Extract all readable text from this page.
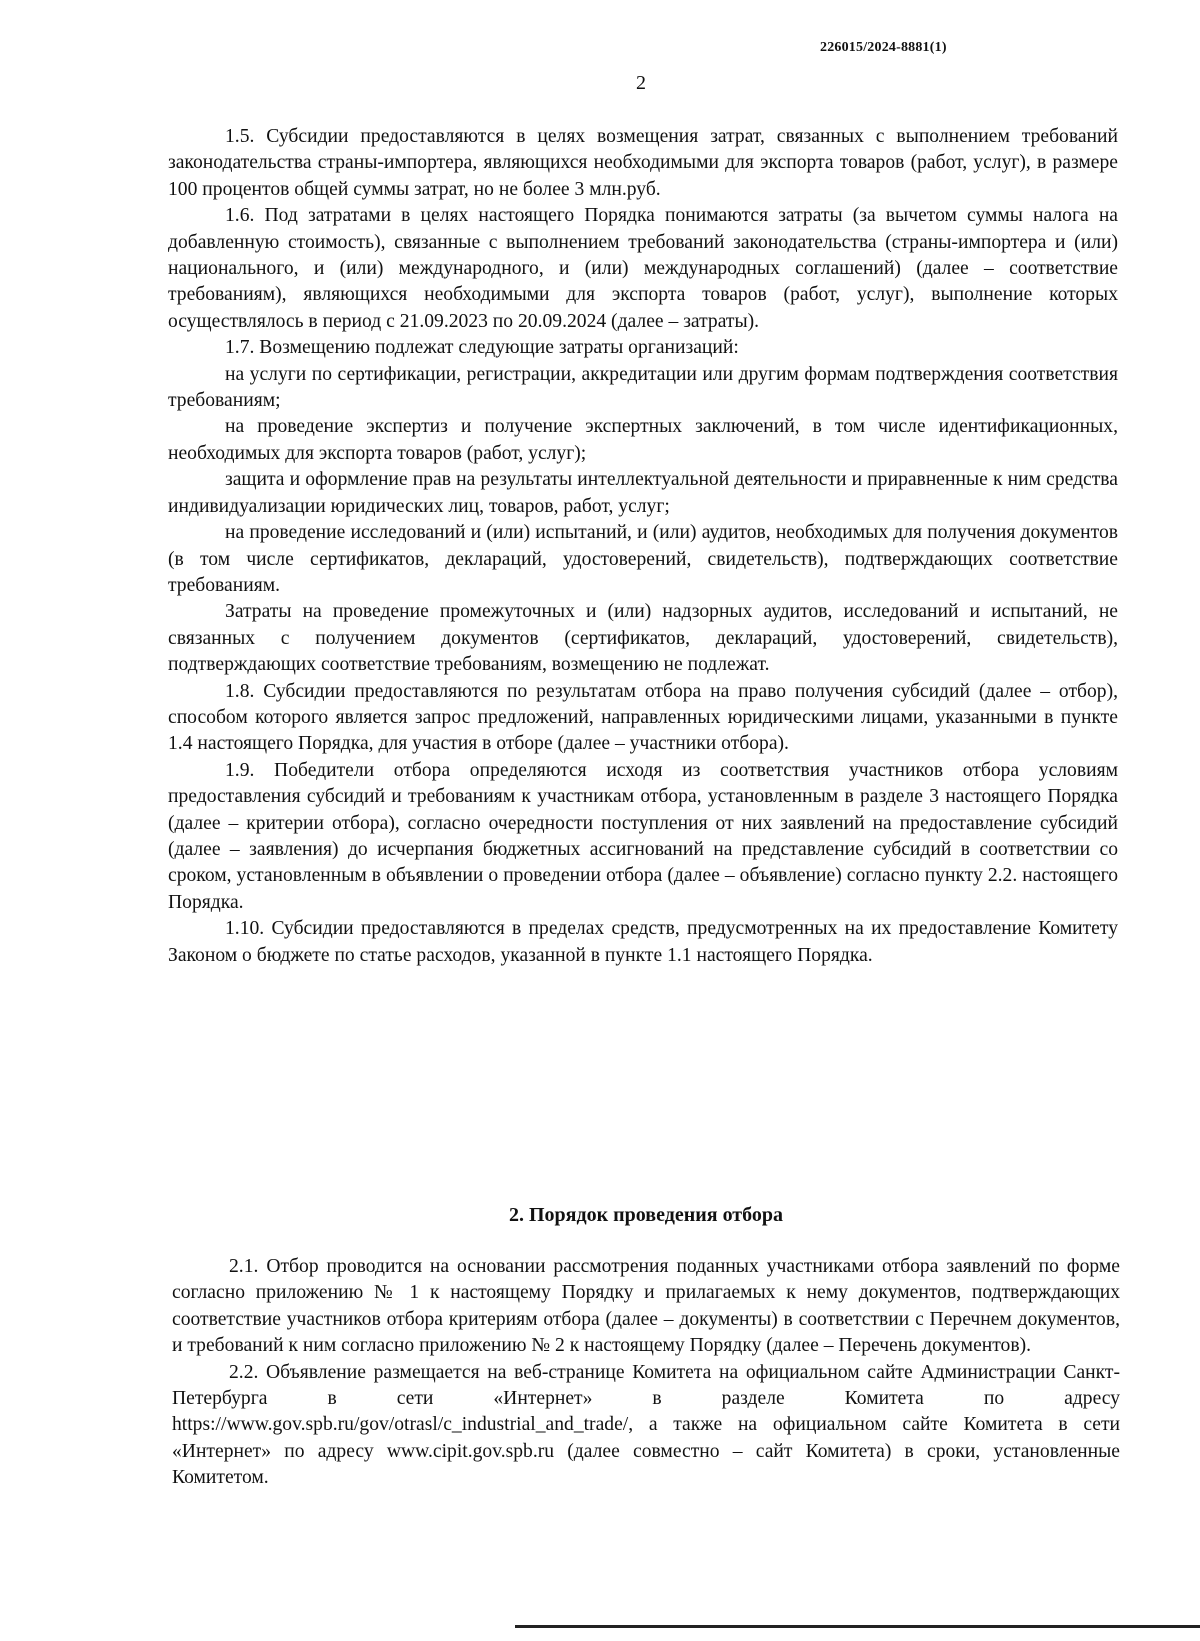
226015/2024-8881(1)
2

1.5. Субсидии предоставляются в целях возмещения затрат, связанных с выполнением требований законодательства страны-импортера, являющихся необходимыми для экспорта товаров (работ, услуг), в размере 100 процентов общей суммы затрат, но не более 3 млн.руб.

1.6. Под затратами в целях настоящего Порядка понимаются затраты (за вычетом суммы налога на добавленную стоимость), связанные с выполнением требований законодательства (страны-импортера и (или) национального, и (или) международного, и (или) международных соглашений) (далее – соответствие требованиям), являющихся необходимыми для экспорта товаров (работ, услуг), выполнение которых осуществлялось в период с 21.09.2023 по 20.09.2024 (далее – затраты).

1.7. Возмещению подлежат следующие затраты организаций:

на услуги по сертификации, регистрации, аккредитации или другим формам подтверждения соответствия требованиям;

на проведение экспертиз и получение экспертных заключений, в том числе идентификационных, необходимых для экспорта товаров (работ, услуг);

защита и оформление прав на результаты интеллектуальной деятельности и приравненные к ним средства индивидуализации юридических лиц, товаров, работ, услуг;

на проведение исследований и (или) испытаний, и (или) аудитов, необходимых для получения документов (в том числе сертификатов, деклараций, удостоверений, свидетельств), подтверждающих соответствие требованиям.

Затраты на проведение промежуточных и (или) надзорных аудитов, исследований и испытаний, не связанных с получением документов (сертификатов, деклараций, удостоверений, свидетельств), подтверждающих соответствие требованиям, возмещению не подлежат.

1.8. Субсидии предоставляются по результатам отбора на право получения субсидий (далее – отбор), способом которого является запрос предложений, направленных юридическими лицами, указанными в пункте 1.4 настоящего Порядка, для участия в отборе (далее – участники отбора).

1.9. Победители отбора определяются исходя из соответствия участников отбора условиям предоставления субсидий и требованиям к участникам отбора, установленным в разделе 3 настоящего Порядка (далее – критерии отбора), согласно очередности поступления от них заявлений на предоставление субсидий (далее – заявления) до исчерпания бюджетных ассигнований на представление субсидий в соответствии со сроком, установленным в объявлении о проведении отбора (далее – объявление) согласно пункту 2.2. настоящего Порядка.

1.10. Субсидии предоставляются в пределах средств, предусмотренных на их предоставление Комитету Законом о бюджете по статье расходов, указанной в пункте 1.1 настоящего Порядка.

2. Порядок проведения отбора

2.1. Отбор проводится на основании рассмотрения поданных участниками отбора заявлений по форме согласно приложению № 1 к настоящему Порядку и прилагаемых к нему документов, подтверждающих соответствие участников отбора критериям отбора (далее – документы) в соответствии с Перечнем документов, и требований к ним согласно приложению № 2 к настоящему Порядку (далее – Перечень документов).

2.2. Объявление размещается на веб-странице Комитета на официальном сайте Администрации Санкт-Петербурга в сети «Интернет» в разделе Комитета по адресу https://www.gov.spb.ru/gov/otrasl/c_industrial_and_trade/, а также на официальном сайте Комитета в сети «Интернет» по адресу www.cipit.gov.spb.ru (далее совместно – сайт Комитета) в сроки, установленные Комитетом.
